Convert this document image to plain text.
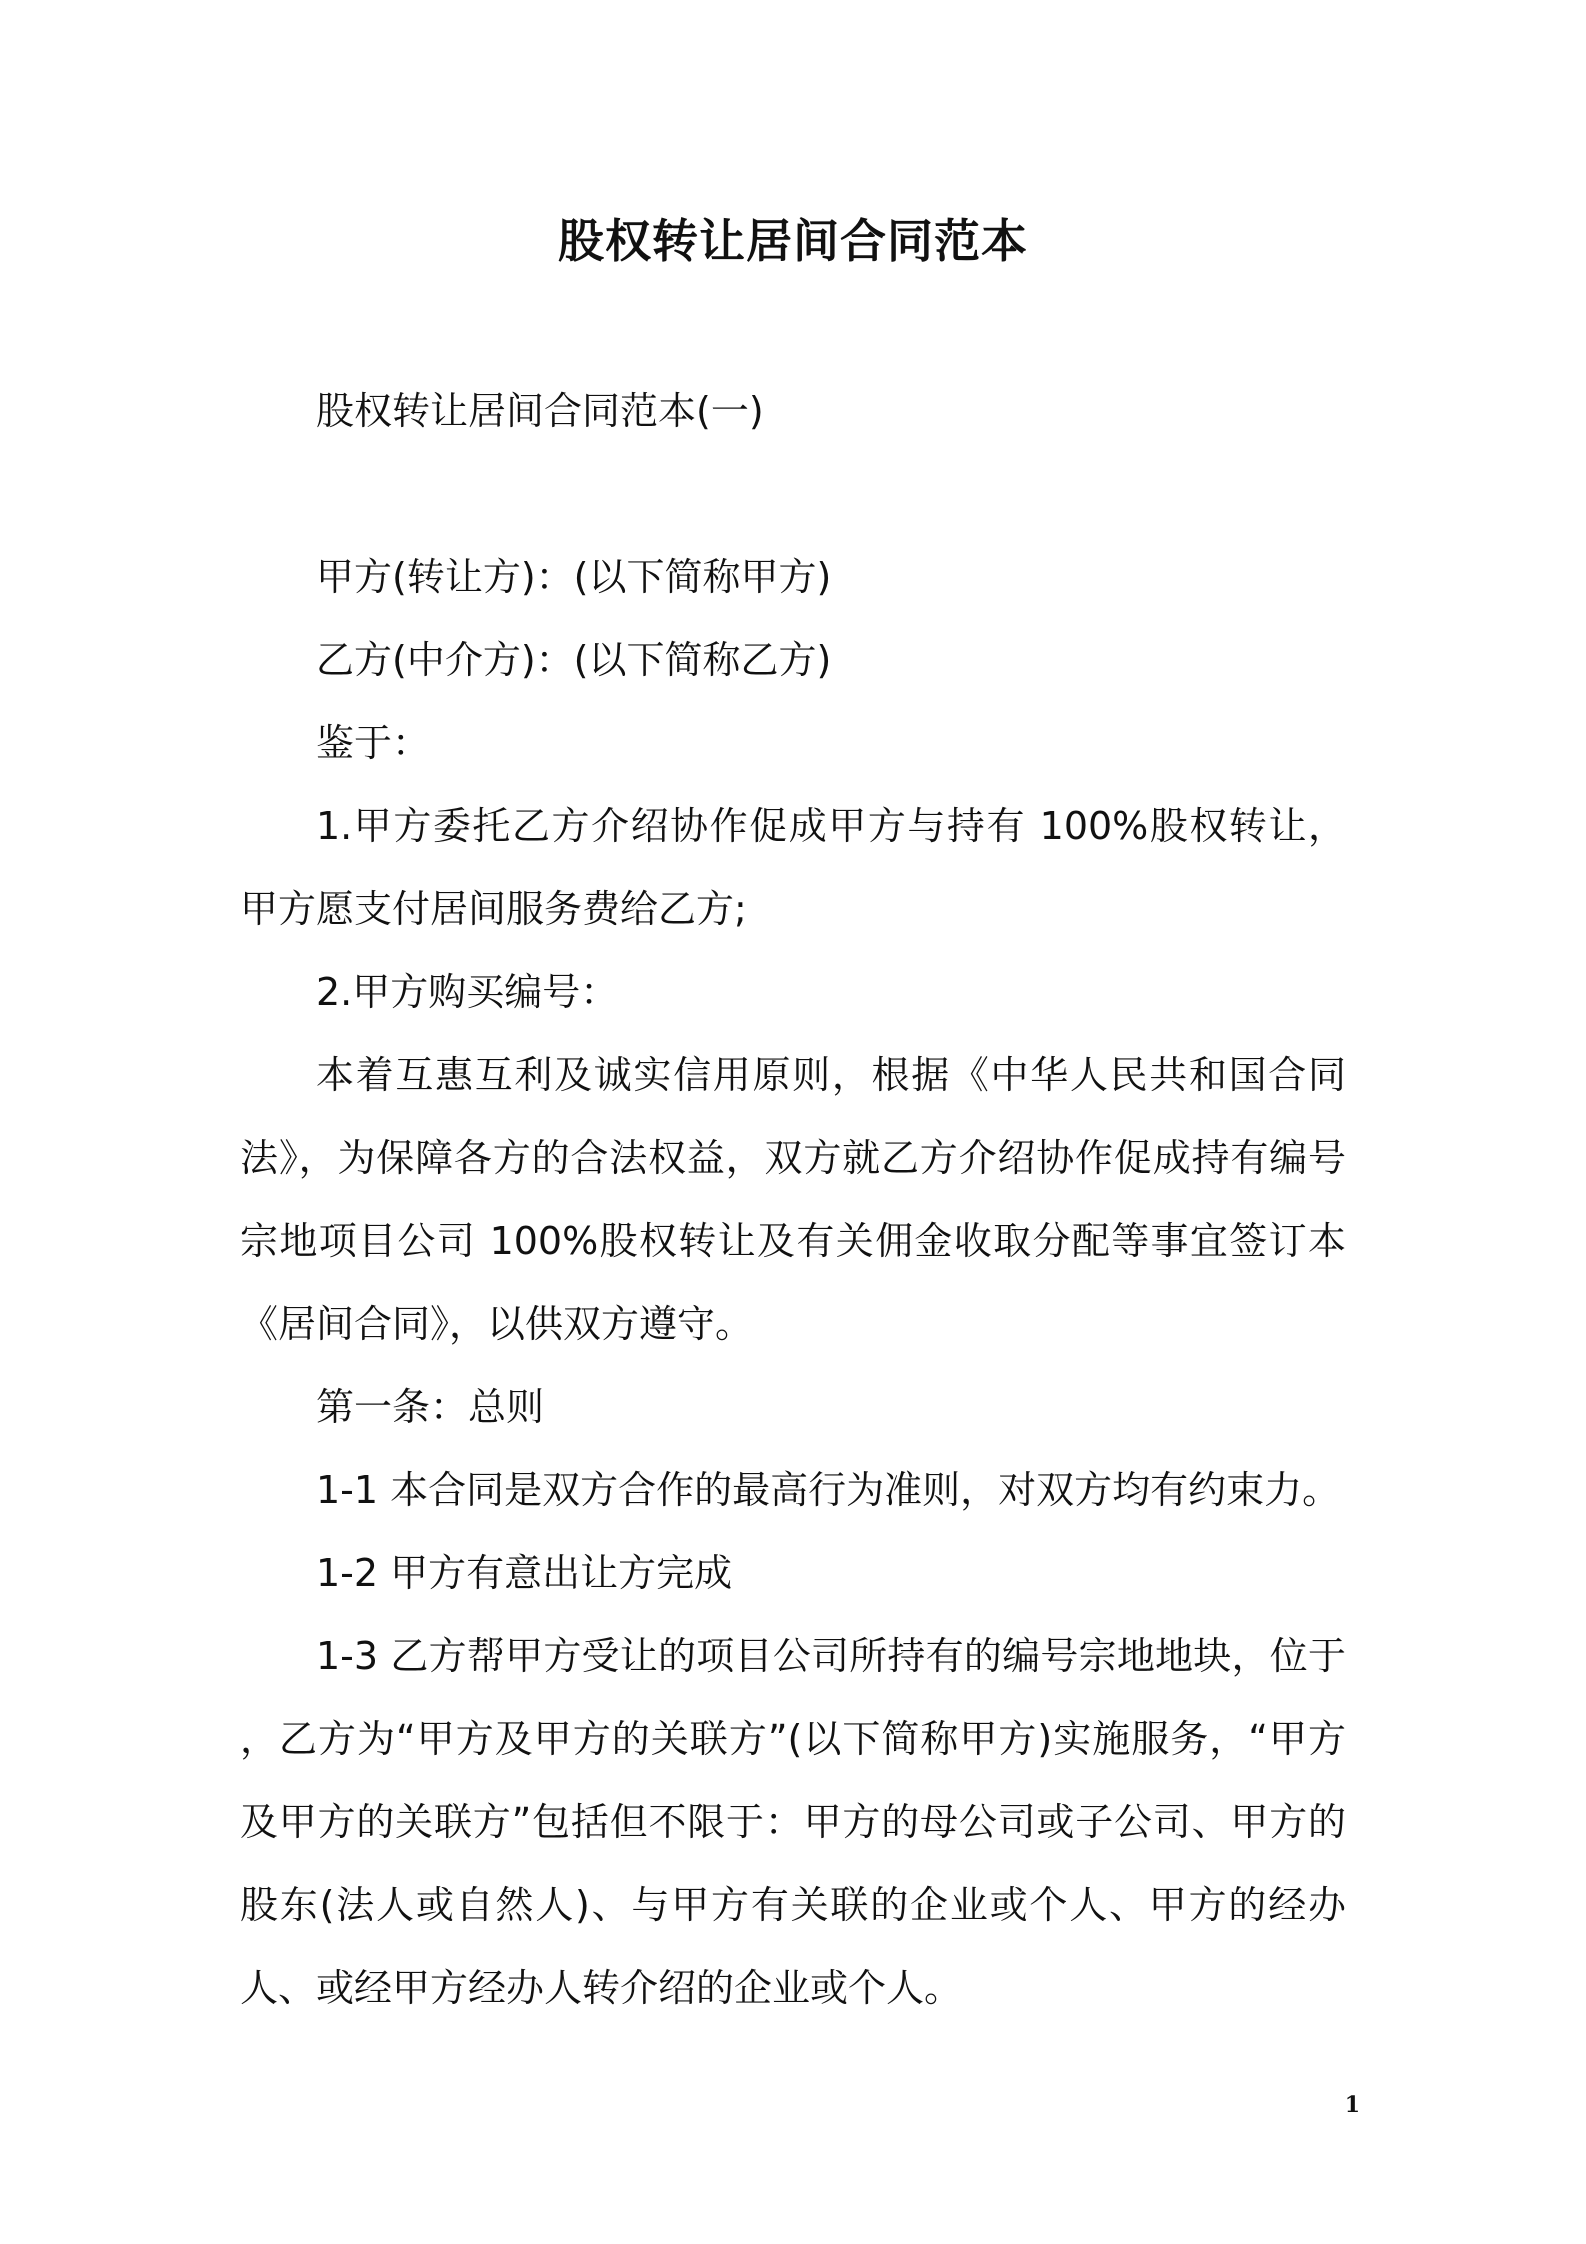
股权转让居间合同范本

股权转让居间合同范本(一)

甲方(转让方)：(以下简称甲方)

乙方(中介方)：(以下简称乙方)

鉴于：

1.甲方委托乙方介绍协作促成甲方与持有 100%股权转让，甲方愿支付居间服务费给乙方;

2.甲方购买编号：

本着互惠互利及诚实信用原则，根据《中华人民共和国合同法》，为保障各方的合法权益，双方就乙方介绍协作促成持有编号 宗地项目公司 100%股权转让及有关佣金收取分配等事宜签订本《居间合同》，以供双方遵守。

第一条：总则

1-1 本合同是双方合作的最高行为准则，对双方均有约束力。

1-2 甲方有意出让方完成

1-3 乙方帮甲方受让的项目公司所持有的编号宗地地块，位于 ，乙方为“甲方及甲方的关联方”(以下简称甲方)实施服务，“甲方及甲方的关联方”包括但不限于：甲方的母公司或子公司、甲方的股东(法人或自然人)、与甲方有关联的企业或个人、甲方的经办人、或经甲方经办人转介绍的企业或个人。

1
